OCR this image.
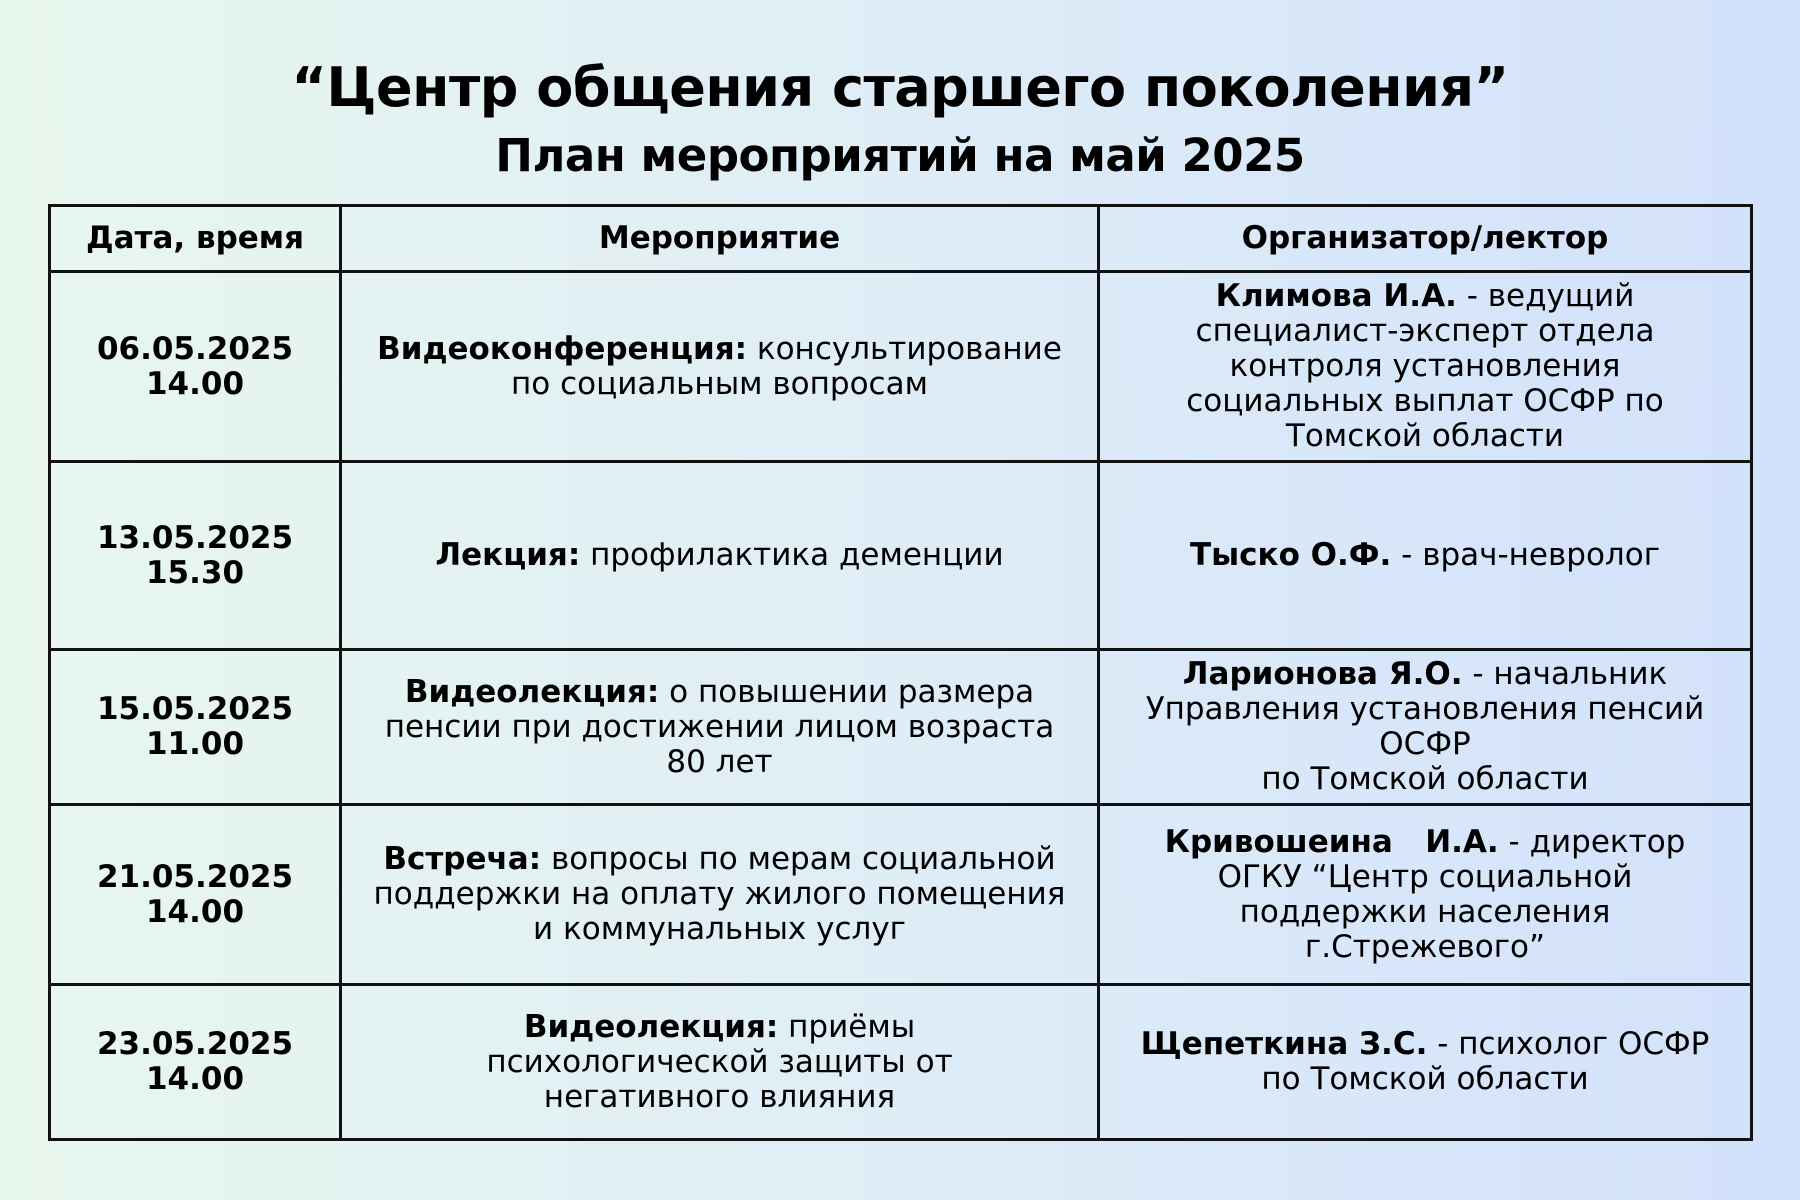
“Центр общения старшего поколения”
План мероприятий на май 2025
Дата, время	Мероприятие	Организатор/лектор

06.05.2025
14.00	Видеоконференция: консультирование по социальным вопросам	Климова И.А. - ведущий специалист-эксперт отдела контроля установления социальных выплат ОСФР по Томской области

13.05.2025
15.30	Лекция: профилактика деменции	Тыско О.Ф. - врач-невролог

15.05.2025
11.00	Видеолекция: о повышении размера пенсии при достижении лицом возраста 80 лет	Ларионова Я.О. - начальник Управления установления пенсий ОСФР
по Томской области

21.05.2025
14.00	Встреча: вопросы по мерам социальной поддержки на оплату жилого помещения и коммунальных услуг	Кривошеина   И.А. - директор ОГКУ “Центр социальной поддержки населения г.Стрежевого”

23.05.2025
14.00	Видеолекция: приёмы психологической защиты от негативного влияния	Щепеткина З.С. - психолог ОСФР
по Томской области
